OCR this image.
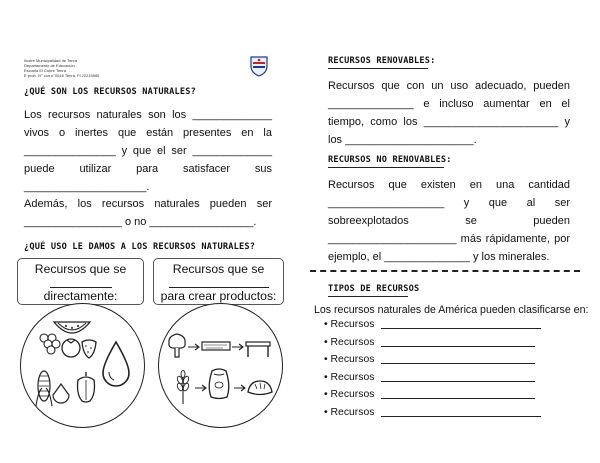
Ilustre Municipalidad de Tenra
Departamento de Educación
Escuela El Cobre Tenra
E proh. N° con n°0516 Tenra. Fl.22233985
¿QUÉ SON LOS RECURSOS NATURALES?
Los recursos naturales son los _____________ vivos o inertes que están presentes en la _______________ y que el ser _____________ puede utilizar para satisfacer sus ____________________.
Además, los recursos naturales pueden ser ________________ o no _________________.
¿QUÉ USO LE DAMOS A LOS RECURSOS NATURALES?
Recursos que se
directamente:
Recursos que se
para crear productos:
RECURSOS RENOVABLES:
Recursos que con un uso adecuado, pueden ______________ e incluso aumentar en el tiempo, como los ______________________ y los _____________________.
RECURSOS NO RENOVABLES:
Recursos que existen en una cantidad ___________________ y que al ser sobreexplotados se pueden _____________________ más rápidamente, por ejemplo, el ______________ y los minerales.
TIPOS DE RECURSOS
Los recursos naturales de América pueden clasificarse en:
• Recursos
• Recursos
• Recursos
• Recursos
• Recursos
• Recursos
